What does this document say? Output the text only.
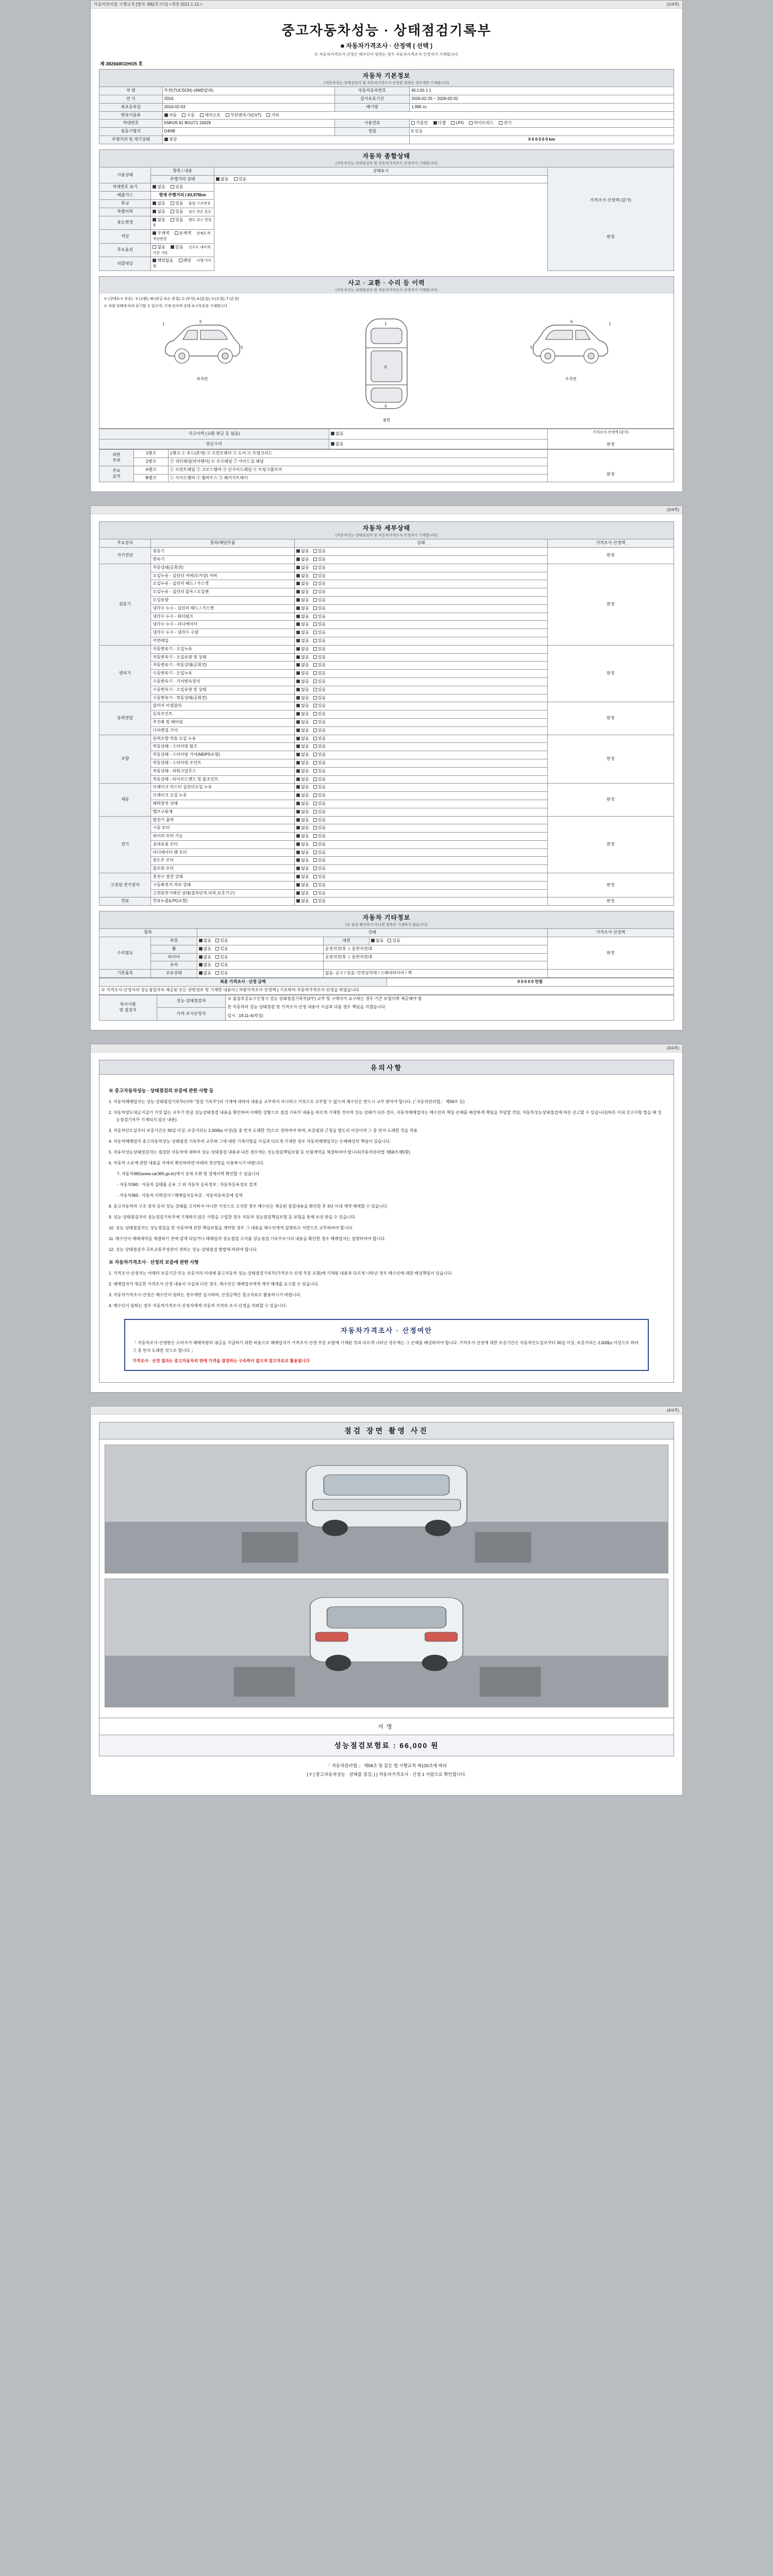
자동차관리법 시행규칙 [별지 제82호서식] <개정 2021.1.13.>	(1/4쪽)
중고자동차성능 · 상태점검기록부
■ 자동차가격조사 · 산정액 ( 선택 )
※ 자동차가격조사·산정은 매수인이 원하는 경우 자동차가격조사·산정자가 기재합니다.
제 382668O2HO5 호
자동차 기본정보
(자동차성능·상태점검자 및 자동차가격조사·산정을 원하는 경우에만 기재합니다)
차 명	투싼(TUCSON) (4WD알파)	자동차등록번호	45오00 1 1
연 식	2016	검사유효기간	2026-02-25 ~ 2028-02-02
최초등록일	2016-02-03	배기량	1,995 cc
변속기종류	자동 수동 세미오토 무단변속기(CVT) 기타		
차대번호	KMHJ5 81 BGU71 16029	사용연료	가솔린 디젤 LPG 하이브리드 전기
원동기형식	D4HB	정원	5 인승
주행거리 및 계기상태	정상		0 0 0 0 0 0 km
자동차 종합상태
(자동차성능·상태점검자 및 자동차가격조사·산정자가 기재합니다)
사용상태	항목 / 내용	상태표시	가격조사·산정액 (감가)
판정

	주행거리 상태	없음 있음	
차대번호 표기	없음 있음		
배출가스	현재 주행거리 | 83,979km		
튜닝	없음 있음 불법 구조변경		
특별이력	없음 있음 침수 전손 분손		
용도변경	없음 있음 렌트 리스 영업용		
색상	무채색 유채색 전체도색 색상변경		
주요옵션	없음 있음 선루프 내비게이션 기타		
리콜대상	해당없음 해당 이행 미이행		
사고 · 교환 · 수리 등 이력
(자동차성능·상태점검자 및 자동차가격조사·산정자가 기재합니다)
※ (상태표시 부호) : X (교환), W (판금 또는 용접), C (부식), A (흠집), U (요철), T (손상)
※ 차량 상태에 따라 표기할 수 있으며, 기재 위치에 상태 표시부호를 기재합니다
1	6
5
좌측면
1
6
4
윗면
1
6
5
우측면
사고이력 (교환·판금 등 없음)	없음	가격조사·산정액 (감가)
판정

단순수리	없음	
외판
부위	1랭크	1랭크 ① 후드(본넷) ② 프런트펜더 ③ 도어 ④ 트렁크리드	판정

	2랭크	⑤ 쿼터패널(리어펜더) ⑥ 루프패널 ⑦ 사이드실 패널	
주요
골격	A랭크	① 프런트패널 ② 크로스멤버 ③ 인사이드패널 ④ 트렁크플로어	
	B랭크	① 사이드멤버 ② 휠하우스 ③ 패키지트레이	
(2/4쪽)
자동차 세부상태
(자동차성능·상태점검자 및 자동차가격조사·산정자가 기재합니다)
주요장치	항목/해당부품	상태	가격조사·산정액
자기진단	원동기	없음 있음	판정
	변속기	없음 있음	
원동기	작동상태(공회전)	없음 있음	판정
	오일누유 - 실린더 커버(로커암) 커버	없음 있음	
	오일누유 - 실린더 헤드 / 가스켓	없음 있음	
	오일누유 - 실린더 블록 / 오일팬	없음 있음	
	오일유량	없음 있음	
	냉각수 누수 - 실린더 헤드 / 가스켓	없음 있음	
	냉각수 누수 - 워터펌프	없음 있음	
	냉각수 누수 - 라디에이터	없음 있음	
	냉각수 누수 - 냉각수 수량	없음 있음	
	커먼레일	없음 있음	
변속기	자동변속기 - 오일누유	없음 있음	판정
	자동변속기 - 오일유량 및 상태	없음 있음	
	자동변속기 - 작동상태(공회전)	없음 있음	
	수동변속기 - 오일누유	없음 있음	
	수동변속기 - 기어변속장치	없음 있음	
	수동변속기 - 오일유량 및 상태	없음 있음	
	수동변속기 - 작동상태(공회전)	없음 있음	
동력전달	클러치 어셈블리	없음 있음	판정
	등속조인트	없음 있음	
	추진축 및 베어링	없음 있음	
	디퍼렌셜 기어	없음 있음	
조향	동력조향 작동 오일 누유	없음 있음	판정
	작동상태 - 스티어링 펌프	없음 있음	
	작동상태 - 스티어링 기어(MDPS포함)	없음 있음	
	작동상태 - 스티어링 조인트	없음 있음	
	작동상태 - 파워고압호스	없음 있음	
	작동상태 - 타이로드엔드 및 볼조인트	없음 있음	
제동	브레이크 마스터 실린더오일 누유	없음 있음	판정
	브레이크 오일 누유	없음 있음	
	배력장치 상태	없음 있음	
	밸브구류체	없음 있음	
전기	발전기 출력	없음 있음	판정
	시동 모터	없음 있음	
	와이퍼 모터 기능	없음 있음	
	실내송풍 모터	없음 있음	
	라디에이터 팬 모터	없음 있음	
	윈도우 모터	없음 있음	
	블로워 모터	없음 있음	
고전원 전기장치	충전구 절연 상태	없음 있음	판정
	구동축전지 격리 상태	없음 있음	
	고전원전기배선 상태(접속단자,피복,보호기구)	없음 있음	
연료	연료누출(LPG포함)	없음 있음	판정
자동차 기타정보
(※ 점검·확인하지 아니한 항목은 기재하지 않습니다)
항목		상태			가격조사·산정액
수리필요	외장	없음 있음	내장	없음 있음	판정
	휠	없음 있음	운전석전/후  |  동반석전/후		
	타이어	없음 있음	운전석전/후  |  동반석전/후		
	유리	없음 있음			
기본품목	보유상태	없음 있음	없음: 공구 / 있음: 안전삼각대 / 스페어타이어 / 잭		
최종 가격조사 · 산정 금액	0 0 0 0 0 만원
※ 가격조사·산정자의 성능점검자의 제공된 모든 관련정보 및 기재한 내용이 ( 차량가격조사·산정액 ) 기초하여 자동차가격조사·산정을 하였습니다
특이사항
및 점검자	성능·상태점검자	※ 품질보증요구신청시 성능·상태점검기록부(2부) 교부 및 구매자가 요구하는 경우 기존 보험이력 제공해야 함
본 자동차의 성능·상태점검 및 가격조사·산정 내용이 사실과 다를 경우 책임을 지겠습니다.
일시 : 19.11-4(작성)

가격·조사산정자
(3/4쪽)
유의사항
※ 중고자동차성능 · 상태점검의 보증에 관한 사항 등
1. 자동차매매업자는 성능·상태점검기록부(이하 "점검 기록부")의 기재에 대하여 내용을 교부하지 아니하고 거짓으로 교부할 수 없으며 매수인은 반드시 교부 받아야 합니다. (「자동차관리법」 제58조 등)
2. 자동차양도대금지급기 거짓 없는 교부기 만큼 성능상태점검 내용을 확인하여 이해한 상황으로 점검 기록부 내용을 바르게 기재한 것이며 성능·상태가 다른 경우, 자동차매매업자는 매수인의 책임 손해를 배상하게 책임을 부담할 것임, 자동차성능상태점검에 따른 신고할 수 있습니다(하루 이내 신고사항 법을 때 성능점검기록부 기재되지 않은 내용).
3. 자동차인도일부터 보증기간은 30일 이상, 보증거리는 2,000㎞ 이상(둘 중 먼저 도래한 것)으로 정하여야 하며, 보증범위 근청을 별도의 이상이며 그 중 먼저 도래한 것을 적용
4. 자동차매매업자 중고자동차성능·상태점검 기록부의 교부와 그에 대한 기재사항을 사실과 다르게 기재한 경우 자동차매매업자는 손해배상의 책임이 있습니다.
5. 자동차성능상태점검자는 점검한 자동차에 대하여 성능·상태점검 내용과 다른 경우에는 성능점검책임보험 등 보험계약을 체결하여야 합니다(자동차관리법 제58조제5항).
6. 자동차 소유에 관한 내용을 자세히 확인하려면 아래의 전산망을 이용하시기 바랍니다.
7. 자동차365(www.car365.go.kr)에서 상세 조회 및 경제이력 확인할 수 있습니다
- 자동차365 : 자동차 실태를 공유 그 외 자동차 등록정보 : 자동차등록정보 검색
- 자동차365 : 자동차 이력검사 / 매매업자등록증 : 자동차등록증에 검색
8. 중고자동차의 구조·장치 등의 성능·상태를 고지하지 아니한 거짓으로 고지한 경우 매수인은 제공된 점검내용을 확인한 후 3년 이내 계약 해제할 수 있습니다.
9. 성능·상태점검자의 성능점검기록부에 기재하지 않은 사항을 구입한 경우 자동차 성능점검책임보험 등 보험을 통해 보상 받을 수 있습니다.
10. 성능·상태점검자는 성능점검을 한 자동차에 관한 책임보험을 계약한 경우 그 내용을 매수인에게 설명하고 서면으로 교부하여야 합니다.
11. 매수인이 매매계약을 체결하기 전에 알게 되었거나 매매업자 성능점검 고지를 성능점검 기록부로서의 내용을 확인한 경우 매매업자는 설명하여야 합니다.
12. 성능·상태점검자 국토교통부장관이 정하는 성능·상태점검 방법에 따라야 합니다.
※ 자동차가격조사 · 산정의 보증에 관한 사항
1. 가격조사·산정자는 아래의 보증기간 또는 보증거리 이내에 중고자동차 성능·상태점검기록부(가격조사·산정 부분 포함)에 기재된 내용과 다르게 나타난 경우 매수인에 대한 배상책임이 있습니다.
2. 매매업자가 제공한 가격조사·산정 내용이 사실과 다른 경우, 매수인은 매매업자에게 계약 해제를 요구할 수 있습니다.
3. 자동차가격조사·산정은 매수인이 원하는 경우에만 실시하며, 산정금액은 참고자료로 활용하시기 바랍니다.
4. 매수인이 원하는 경우 자동차가격조사·산정자에게 자동차 가격의 조사·산정을 의뢰할 수 있습니다.
자동차가격조사 · 산정여안
「 자동차조사·산정받은 소비자가 매매차량의 대금을 지급하기 위한 비용으로 매매업자가 가격조사·산정 부분 포함에 기재된 것과 다르게 나타난 경우에는 그 손해를 배상하여야 합니다. 가격조사·산정에 대한 보증기간은 자동차인도일로부터 30일 이상, 보증거리는 2,000㎞ 이상으로 하여 그 중 먼저 도래한 것으로 합니다 」
가격조사 · 산정 결과는 중고자동차의 판매 가격을 결정하는 구속력이 없으며 참고자료로 활용됩니다
(4/4쪽)
점검 장면 촬영 사진
서명
성능점검보험료 : 66,000 원
「 자동차관리법 」 제58조 및 같은 법 시행규칙 제120조에 따라
[ Y ] 중고자동차성능 · 상태를 점검, [ ] 자동차가격조사 · 산정 1 사람으로 확인합니다.
